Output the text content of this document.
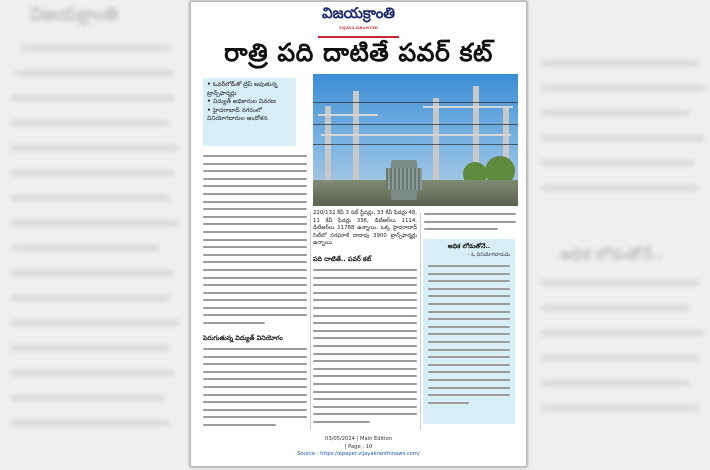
విజయక్రాంతి
అధిక లోడుతోనే..
విజయక్రాంతి
VIJAYA KRANTHI
రాత్రి పది దాటితే పవర్ కట్
• ఓవర్‌లోడ్‌తో ట్రిప్ అవుతున్న ట్రాన్స్‌ఫార్మర్లు
• విద్యుత్ అధికారుల వివరణ
• హైదరాబాద్ నగరంలో వినియోగదారుల ఆందోళన
పెరుగుతున్న విద్యుత్ వినియోగం
220/132 కేవీ 3 సబ్ స్టేషన్లు, 33 కేవీ ఫీడర్లు 48, 11 కేవీ ఫీడర్లు 336, డీటీఆర్‌లు 1114, డీటీఆర్‌లు 11788 ఉన్నాయి. ఒక్క హైదరాబాద్ సిటీలో సరఫరాకే దాదాపు 3900 ట్రాన్స్‌ఫార్మర్లు ఉన్నాయి.
పది దాటితే.. పవర్ కట్
అధిక లోడుతోనే..
- ఓ వినియోగదారుడు
03/05/2024 | Main Edition
| Page : 10
Source : https://epaper.vijayakranthinews.com/
